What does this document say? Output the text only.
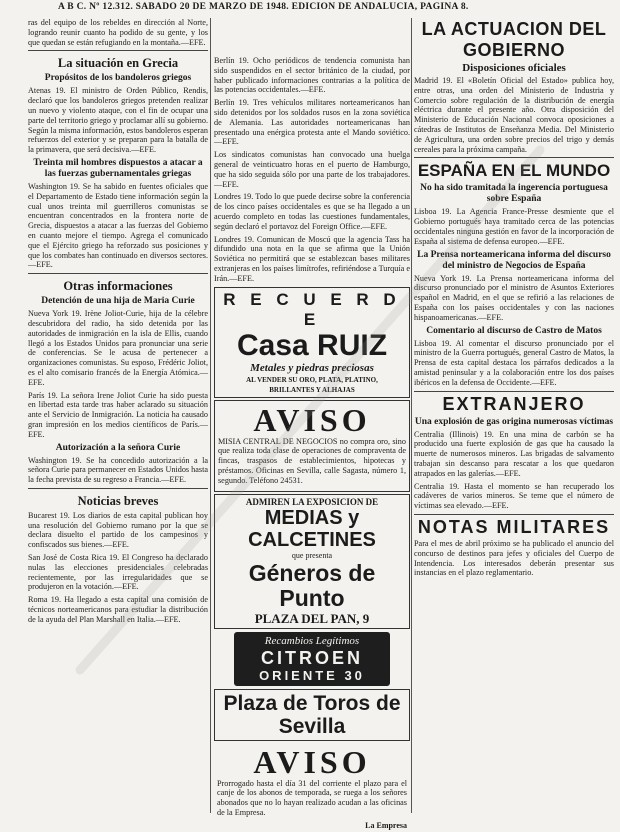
A B C. Nº 12.312. SABADO 20 DE MARZO DE 1948. EDICION DE ANDALUCIA, PAGINA 8.

ras del equipo de los rebeldes en dirección al Norte, logrando reunir cuanto ha podido de su gente, y los que quedan se están refugiando en la montaña.—EFE.

La situación en Grecia
Propósitos de los bandoleros griegos

Atenas 19. El ministro de Orden Público, Rendis, declaró que los bandoleros griegos pretenden realizar un nuevo y violento ataque, con el fin de ocupar una parte del territorio griego y proclamar allí su gobierno. Según la misma información, estos bandoleros esperan refuerzos del exterior y se preparan para la batalla de la primavera, que será decisiva.—EFE.

Treinta mil hombres dispuestos a atacar a las fuerzas gubernamentales griegas

Washington 19. Se ha sabido en fuentes oficiales que el Departamento de Estado tiene información según la cual unos treinta mil guerrilleros comunistas se encuentran concentrados en la frontera norte de Grecia, dispuestos a atacar a las fuerzas del Gobierno en cuanto mejore el tiempo. Agrega el comunicado que el Ejército griego ha reforzado sus posiciones y que los combates han continuado en diversos sectores.—EFE.

Otras informaciones
Detención de una hija de Maria Curie

Nueva York 19. Irène Joliot-Curie, hija de la célebre descubridora del radio, ha sido detenida por las autoridades de inmigración en la isla de Ellis, cuando llegó a los Estados Unidos para pronunciar una serie de conferencias. Se le acusa de pertenecer a organizaciones comunistas. Su esposo, Frédéric Joliot, es el alto comisario francés de la Energía Atómica.—EFE.

París 19. La señora Irene Joliot Curie ha sido puesta en libertad esta tarde tras haber aclarado su situación ante el Servicio de Inmigración. La noticia ha causado gran impresión en los medios científicos de París.—EFE.

Autorización a la señora Curie

Washington 19. Se ha concedido autorización a la señora Curie para permanecer en Estados Unidos hasta la fecha prevista de su regreso a Francia.—EFE.

Noticias breves

Bucarest 19. Los diarios de esta capital publican hoy una resolución del Gobierno rumano por la que se declara disuelto el partido de los campesinos y confiscados sus bienes.—EFE.

San José de Costa Rica 19. El Congreso ha declarado nulas las elecciones presidenciales celebradas recientemente, por las irregularidades que se produjeron en la votación.—EFE.

Roma 19. Ha llegado a esta capital una comisión de técnicos norteamericanos para estudiar la distribución de la ayuda del Plan Marshall en Italia.—EFE.

Berlín 19. Ocho periódicos de tendencia comunista han sido suspendidos en el sector británico de la ciudad, por haber publicado informaciones contrarias a la política de las potencias occidentales.—EFE.

Berlín 19. Tres vehículos militares norteamericanos han sido detenidos por los soldados rusos en la zona soviética de Alemania. Las autoridades norteamericanas han presentado una enérgica protesta ante el Mando soviético.—EFE.

Los sindicatos comunistas han convocado una huelga general de veinticuatro horas en el puerto de Hamburgo, que ha sido seguida sólo por una parte de los trabajadores.—EFE.

Londres 19. Todo lo que puede decirse sobre la conferencia de los cinco países occidentales es que se ha llegado a un acuerdo completo en todas las cuestiones fundamentales, según declaró el portavoz del Foreign Office.—EFE.

Londres 19. Comunican de Moscú que la agencia Tass ha difundido una nota en la que se afirma que la Unión Soviética no permitirá que se establezcan bases militares extranjeras en los países limítrofes, refiriéndose a Turquía e Irán.—EFE.

R E C U E R D E
Casa RUIZ
Metales y piedras preciosas
AL VENDER SU ORO, PLATA, PLATINO,
BRILLANTES Y ALHAJAS
AVISO

MISIA CENTRAL DE NEGOCIOS no compra oro, sino que realiza toda clase de operaciones de compraventa de fincas, traspasos de establecimientos, hipotecas y préstamos. Oficinas en Sevilla, calle Sagasta, número 1, segundo. Teléfono 24531.

ADMIREN LA EXPOSICION DE
MEDIAS y CALCETINES
que presenta
Géneros de Punto
PLAZA DEL PAN, 9
Recambios Legítimos
CITROEN
ORIENTE 30
Plaza de Toros de Sevilla
AVISO

Prorrogado hasta el día 31 del corriente el plazo para el canje de los abonos de temporada, se ruega a los señores abonados que no lo hayan realizado acudan a las oficinas de la Empresa.

La Empresa
LA ACTUACION DEL
GOBIERNO
Disposiciones oficiales

Madrid 19. El «Boletín Oficial del Estado» publica hoy, entre otras, una orden del Ministerio de Industria y Comercio sobre regulación de la distribución de energía eléctrica durante el presente año. Otra disposición del Ministerio de Educación Nacional convoca oposiciones a cátedras de Institutos de Enseñanza Media. Del Ministerio de Agricultura, una orden sobre precios del trigo y demás cereales para la próxima campaña.

ESPAÑA EN EL MUNDO
No ha sido tramitada la ingerencia portuguesa sobre España

Lisboa 19. La Agencia France-Presse desmiente que el Gobierno portugués haya tramitado cerca de las potencias occidentales ninguna gestión en favor de la incorporación de España al sistema de defensa europeo.—EFE.

La Prensa norteamericana informa del discurso del ministro de Negocios de España

Nueva York 19. La Prensa norteamericana informa del discurso pronunciado por el ministro de Asuntos Exteriores español en Madrid, en el que se refirió a las relaciones de España con los países occidentales y con las naciones hispanoamericanas.—EFE.

Comentario al discurso de Castro de Matos

Lisboa 19. Al comentar el discurso pronunciado por el ministro de la Guerra portugués, general Castro de Matos, la Prensa de esta capital destaca los párrafos dedicados a la amistad peninsular y a la colaboración entre los dos países ibéricos en la defensa de Occidente.—EFE.

EXTRANJERO
Una explosión de gas origina numerosas víctimas

Centralia (Illinois) 19. En una mina de carbón se ha producido una fuerte explosión de gas que ha causado la muerte de numerosos mineros. Las brigadas de salvamento trabajan sin descanso para rescatar a los que quedaron atrapados en las galerías.—EFE.

Centralia 19. Hasta el momento se han recuperado los cadáveres de varios mineros. Se teme que el número de víctimas sea elevado.—EFE.

NOTAS MILITARES

Para el mes de abril próximo se ha publicado el anuncio del concurso de destinos para jefes y oficiales del Cuerpo de Intendencia. Los interesados deberán presentar sus instancias en el plazo reglamentario.
